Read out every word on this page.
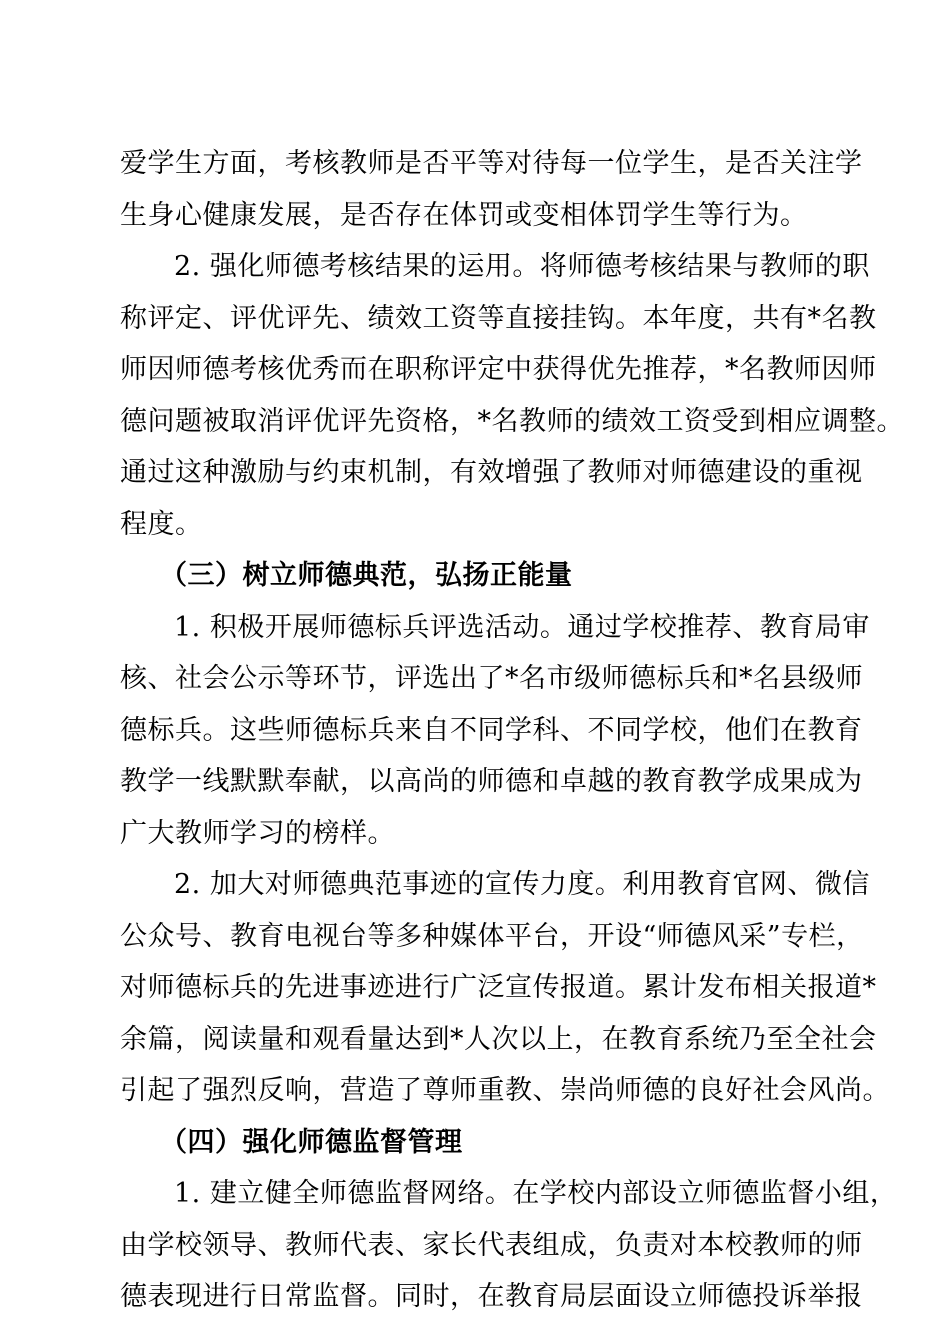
爱学生方面，考核教师是否平等对待每一位学生，是否关注学
生身心健康发展，是否存在体罚或变相体罚学生等行为。
2. 强化师德考核结果的运用。将师德考核结果与教师的职
称评定、评优评先、绩效工资等直接挂钩。本年度，共有*名教
师因师德考核优秀而在职称评定中获得优先推荐，*名教师因师
德问题被取消评优评先资格，*名教师的绩效工资受到相应调整。
通过这种激励与约束机制，有效增强了教师对师德建设的重视
程度。
（三）树立师德典范，弘扬正能量
1. 积极开展师德标兵评选活动。通过学校推荐、教育局审
核、社会公示等环节，评选出了*名市级师德标兵和*名县级师
德标兵。这些师德标兵来自不同学科、不同学校，他们在教育
教学一线默默奉献，以高尚的师德和卓越的教育教学成果成为
广大教师学习的榜样。
2. 加大对师德典范事迹的宣传力度。利用教育官网、微信
公众号、教育电视台等多种媒体平台，开设“师德风采”专栏，
对师德标兵的先进事迹进行广泛宣传报道。累计发布相关报道*
余篇，阅读量和观看量达到*人次以上，在教育系统乃至全社会
引起了强烈反响，营造了尊师重教、崇尚师德的良好社会风尚。
（四）强化师德监督管理
1. 建立健全师德监督网络。在学校内部设立师德监督小组，
由学校领导、教师代表、家长代表组成，负责对本校教师的师
德表现进行日常监督。同时，在教育局层面设立师德投诉举报
